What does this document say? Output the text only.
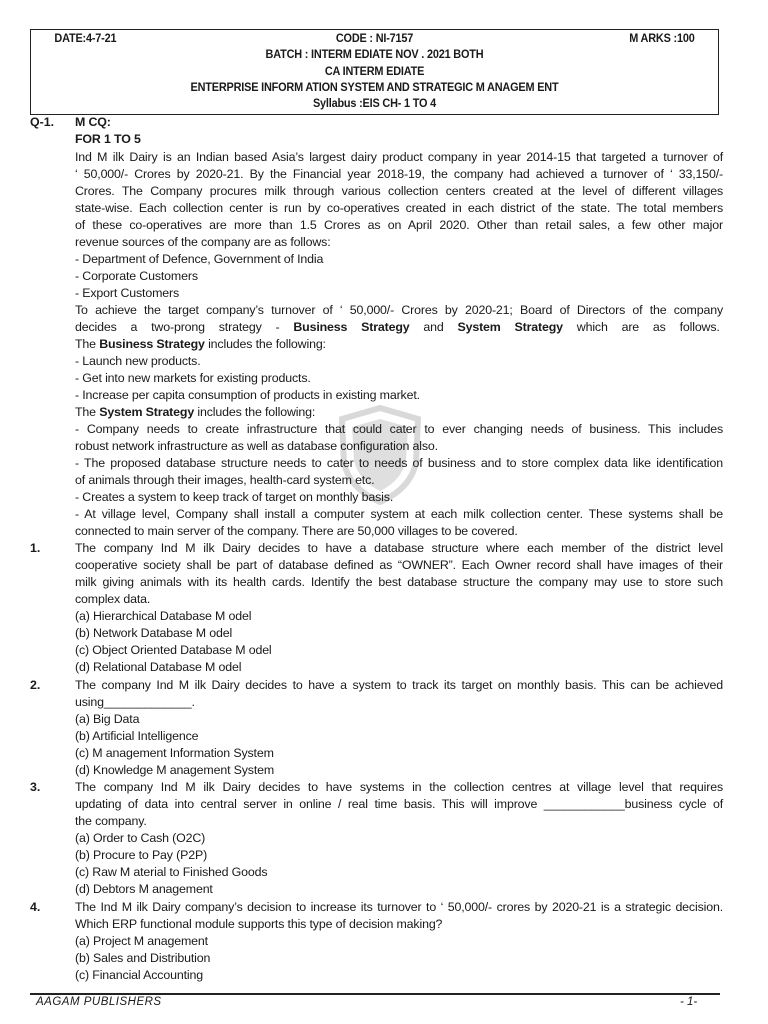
DATE:4-7-21	CODE : NI-7157	M ARKS :100
BATCH : INTERM EDIATE NOV . 2021 BOTH
CA INTERM EDIATE
ENTERPRISE INFORM ATION SYSTEM AND STRATEGIC M ANAGEM ENT
Syllabus :EIS CH- 1 TO 4
Q-1. M CQ:
FOR 1 TO 5
Ind M ilk Dairy is an Indian based Asia’s largest dairy product company in year 2014-15 that targeted a turnover of
‘ 50,000/- Crores by 2020-21. By the Financial year 2018-19, the company had achieved a turnover of ‘ 33,150/-
Crores. The Company procures milk through various collection centers created at the level of different villages
state-wise. Each collection center is run by co-operatives created in each district of the state. The total members
of these co-operatives are more than 1.5 Crores as on April 2020. Other than retail sales, a few other major
revenue sources of the company are as follows:
- Department of Defence, Government of India
- Corporate Customers
- Export Customers
To achieve the target company’s turnover of ‘ 50,000/- Crores by 2020-21; Board of Directors of the company
decides a two-prong strategy - Business Strategy and System Strategy which are as follows.
The Business Strategy includes the following:
- Launch new products.
- Get into new markets for existing products.
- Increase per capita consumption of products in existing market.
The System Strategy includes the following:
- Company needs to create infrastructure that could cater to ever changing needs of business. This includes
robust network infrastructure as well as database configuration also.
- The proposed database structure needs to cater to needs of business and to store complex data like identification
of animals through their images, health-card system etc.
- Creates a system to keep track of target on monthly basis.
- At village level, Company shall install a computer system at each milk collection center. These systems shall be
connected to main server of the company. There are 50,000 villages to be covered.
1.	The company Ind M ilk Dairy decides to have a database structure where each member of the district level
cooperative society shall be part of database defined as “OWNER”. Each Owner record shall have images of their
milk giving animals with its health cards. Identify the best database structure the company may use to store such
complex data.
(a) Hierarchical Database M odel
(b) Network Database M odel
(c) Object Oriented Database M odel
(d) Relational Database M odel
2.	The company Ind M ilk Dairy decides to have a system to track its target on monthly basis. This can be achieved
using_____________.
(a) Big Data
(b) Artificial Intelligence
(c) M anagement Information System
(d) Knowledge M anagement System
3.	The company Ind M ilk Dairy decides to have systems in the collection centres at village level that requires
updating of data into central server in online / real time basis. This will improve ____________business cycle of
the company.
(a) Order to Cash (O2C)
(b) Procure to Pay (P2P)
(c) Raw M aterial to Finished Goods
(d) Debtors M anagement
4.	The Ind M ilk Dairy company’s decision to increase its turnover to ‘ 50,000/- crores by 2020-21 is a strategic decision.
Which ERP functional module supports this type of decision making?
(a) Project M anagement
(b) Sales and Distribution
(c) Financial Accounting
AAGAM PUBLISHERS	- 1-
